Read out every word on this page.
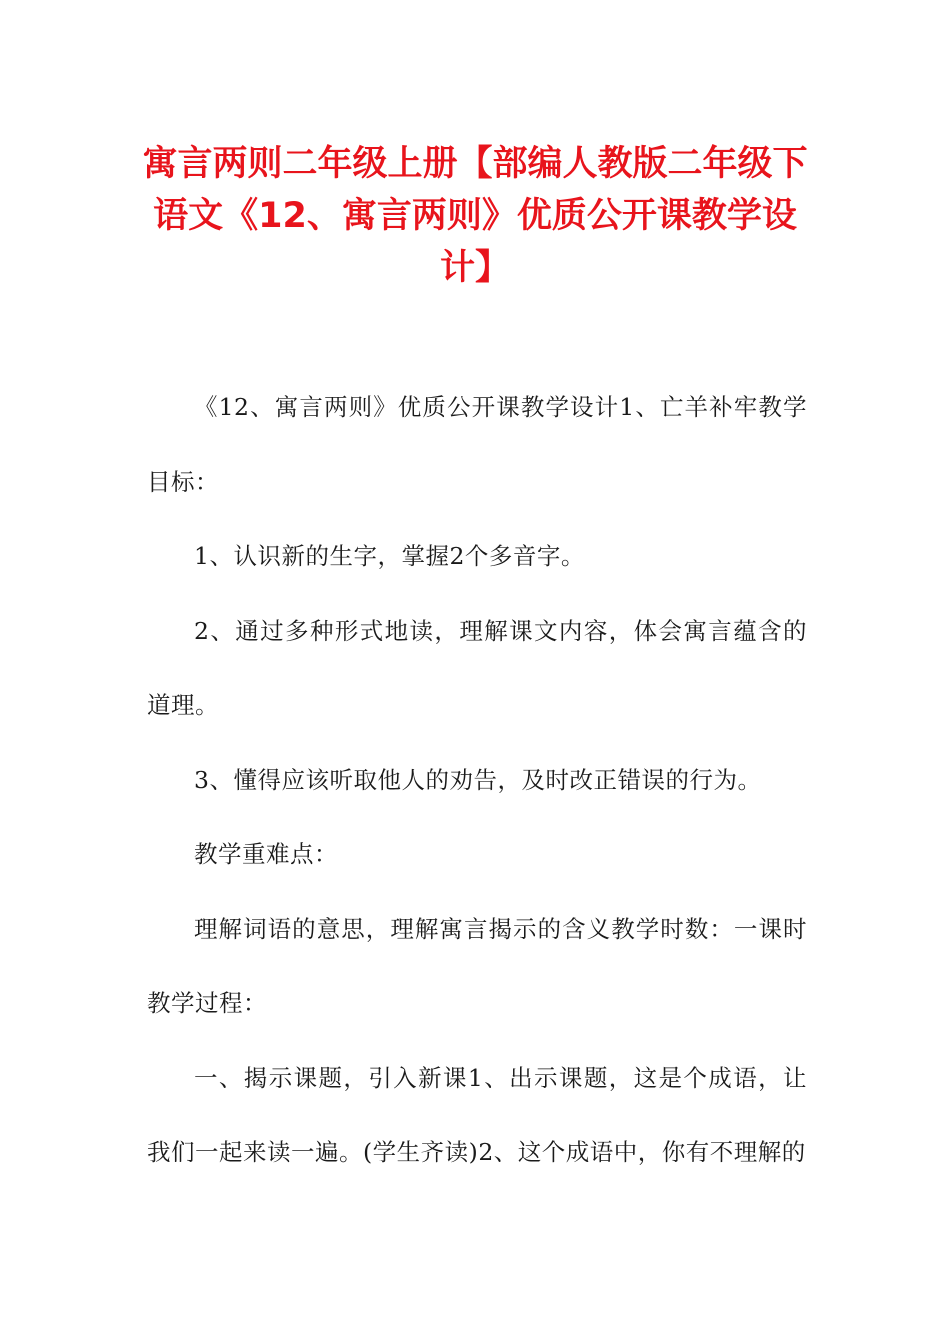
寓言两则二年级上册【部编人教版二年级下语文《12、寓言两则》优质公开课教学设计】

《12、寓言两则》优质公开课教学设计1、亡羊补牢教学目标：

1、认识新的生字，掌握2个多音字。

2、通过多种形式地读，理解课文内容，体会寓言蕴含的道理。

3、懂得应该听取他人的劝告，及时改正错误的行为。

教学重难点：

理解词语的意思，理解寓言揭示的含义教学时数：一课时教学过程：

一、揭示课题，引入新课1、出示课题，这是个成语，让我们一起来读一遍。(学生齐读)2、这个成语中，你有不理解的
